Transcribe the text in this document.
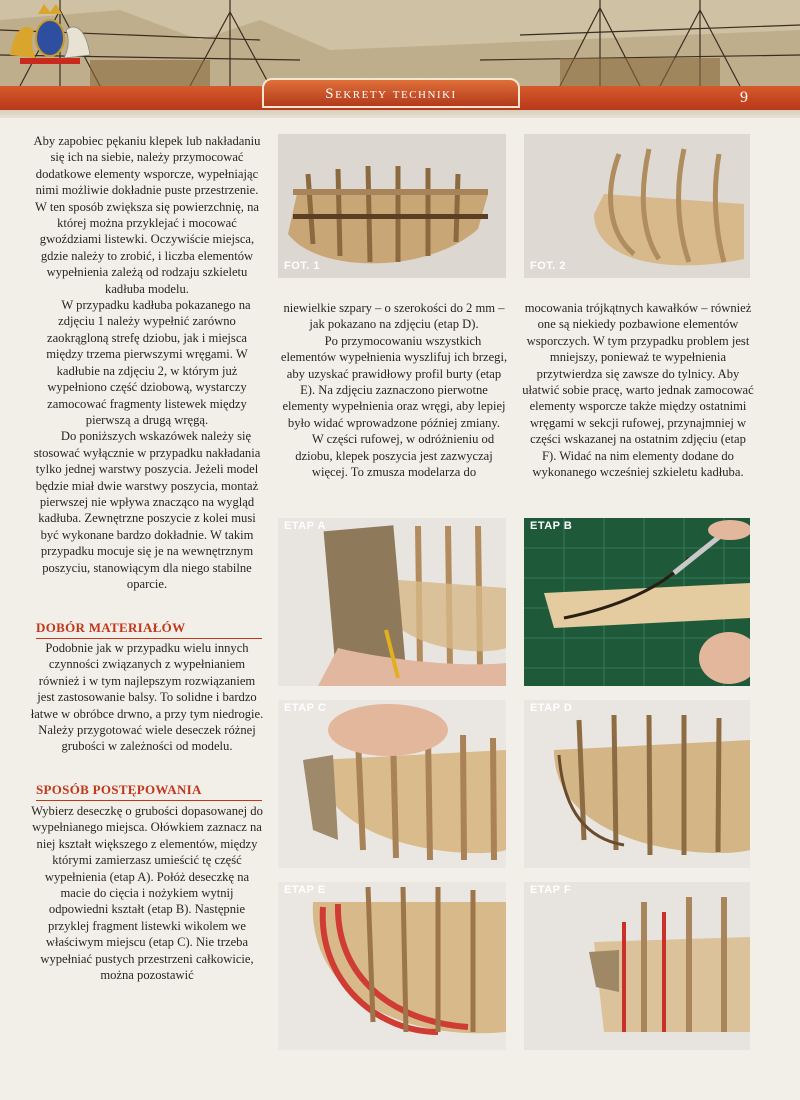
Sekrety techniki	9

Aby zapobiec pękaniu klepek lub nakładaniu się ich na siebie, należy przymocować dodatkowe elementy wsporcze, wypełniając nimi możliwie dokładnie puste przestrzenie. W ten sposób zwiększa się powierzchnię, na której można przyklejać i mocować gwoździami listewki. Oczywiście miejsca, gdzie należy to zrobić, i liczba elementów wypełnienia zależą od rodzaju szkieletu kadłuba modelu.

W przypadku kadłuba pokazanego na zdjęciu 1 należy wypełnić zarówno zaokrągloną strefę dziobu, jak i miejsca między trzema pierwszymi wręgami. W kadłubie na zdjęciu 2, w którym już wypełniono część dziobową, wystarczy zamocować fragmenty listewek między pierwszą a drugą wręgą.

Do poniższych wskazówek należy się stosować wyłącznie w przypadku nakładania tylko jednej warstwy poszycia. Jeżeli model będzie miał dwie warstwy poszycia, montaż pierwszej nie wpływa znacząco na wygląd kadłuba. Zewnętrzne poszycie z kolei musi być wykonane bardzo dokładnie. W takim przypadku mocuje się je na wewnętrznym poszyciu, stanowiącym dla niego stabilne oparcie.

DOBÓR MATERIAŁÓW

Podobnie jak w przypadku wielu innych czynności związanych z wypełnianiem również i w tym najlepszym rozwiązaniem jest zastosowanie balsy. To solidne i bardzo łatwe w obróbce drwno, a przy tym niedrogie. Należy przygotować wiele deseczek różnej grubości w zależności od modelu.

SPOSÓB POSTĘPOWANIA

Wybierz deseczkę o grubości dopasowanej do wypełnianego miejsca. Ołówkiem zaznacz na niej kształt większego z elementów, między którymi zamierzasz umieścić tę część wypełnienia (etap A). Połóż deseczkę na macie do cięcia i nożykiem wytnij odpowiedni kształt (etap B). Następnie przyklej fragment listewki wikolem we właściwym miejscu (etap C). Nie trzeba wypełniać pustych przestrzeni całkowicie, można pozostawić

niewielkie szpary – o szerokości do 2 mm – jak pokazano na zdjęciu (etap D).

Po przymocowaniu wszystkich elementów wypełnienia wyszlifuj ich brzegi, aby uzyskać prawidłowy profil burty (etap E). Na zdjęciu zaznaczono pierwotne elementy wypełnienia oraz wręgi, aby lepiej było widać wprowadzone później zmiany.

W części rufowej, w odróżnieniu od dziobu, klepek poszycia jest zazwyczaj więcej. To zmusza modelarza do

mocowania trójkątnych kawałków – również one są niekiedy pozbawione elementów wsporczych. W tym przypadku problem jest mniejszy, ponieważ te wypełnienia przytwierdza się zawsze do tylnicy. Aby ułatwić sobie pracę, warto jednak zamocować elementy wsporcze także między ostatnimi wręgami w sekcji rufowej, przynajmniej w części wskazanej na ostatnim zdjęciu (etap F). Widać na nim elementy dodane do wykonanego wcześniej szkieletu kadłuba.

FOT. 1	FOT. 2
ETAP A	ETAP B
ETAP C	ETAP D
ETAP E	ETAP F
